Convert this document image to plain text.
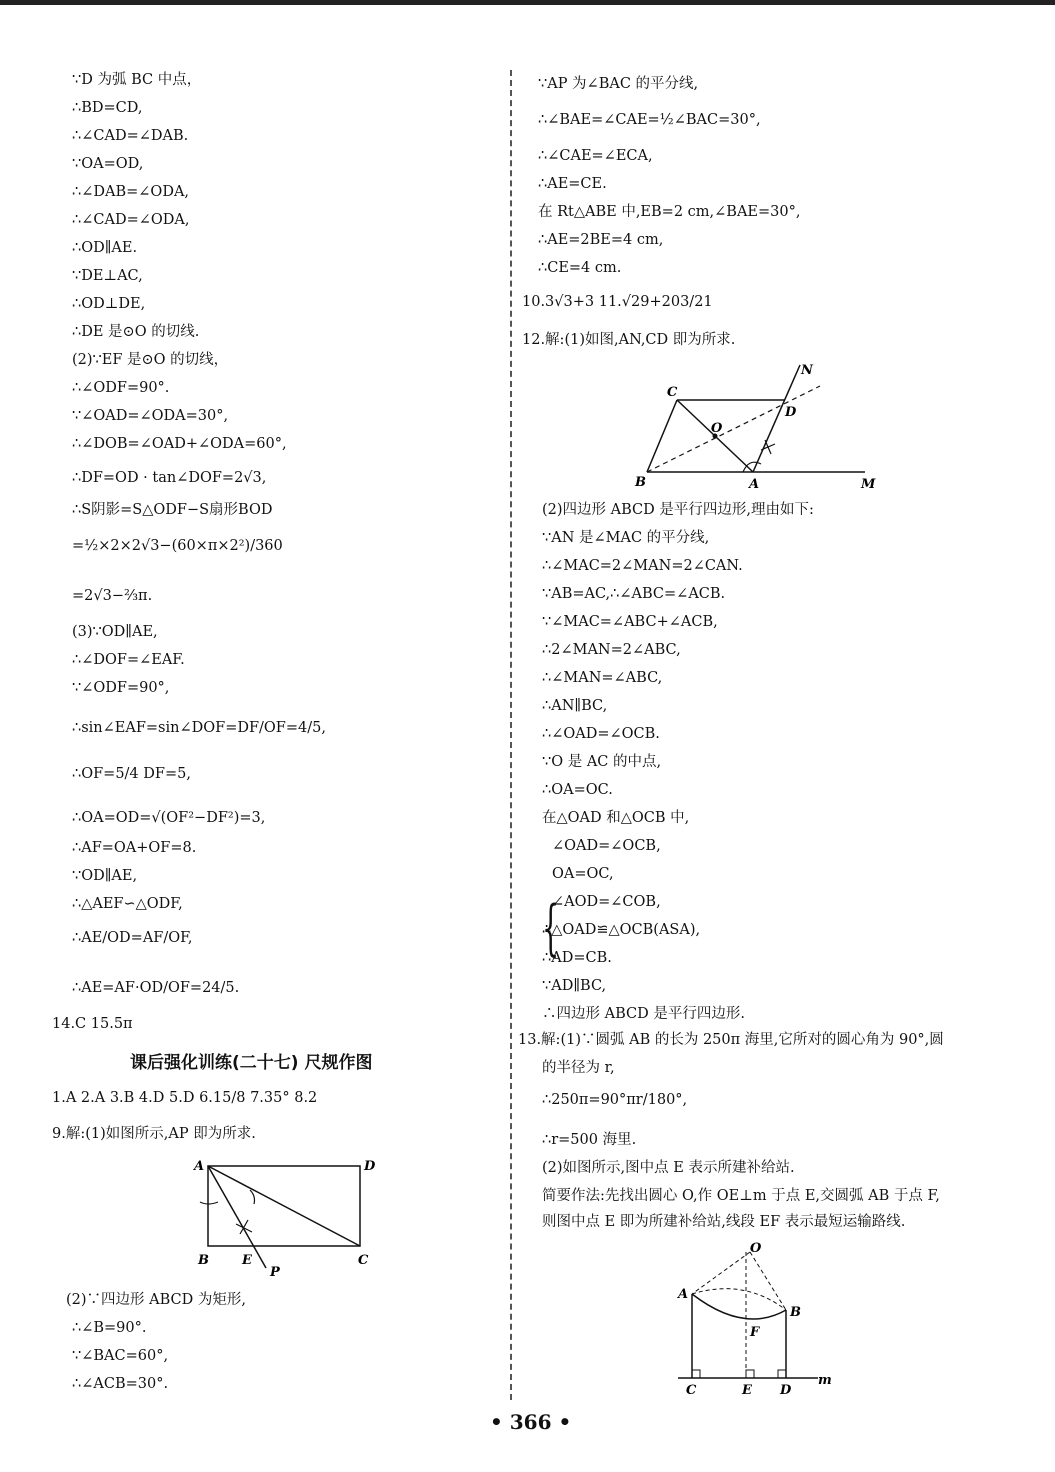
∵D 为弧 BC 中点，
∴BD=CD,
∴∠CAD=∠DAB.
∵OA=OD,
∴∠DAB=∠ODA,
∴∠CAD=∠ODA,
∴OD∥AE.
∵DE⊥AC,
∴OD⊥DE,
∴DE 是⊙O 的切线.
(2)∵EF 是⊙O 的切线，
∴∠ODF=90°.
∵∠OAD=∠ODA=30°,
∴∠DOB=∠OAD+∠ODA=60°,
∴DF=OD · tan∠DOF=2√3,
∴S阴影=S△ODF−S扇形BOD
=½×2×2√3−(60×π×2²)/360
=2√3−⅔π.
(3)∵OD∥AE,
∴∠DOF=∠EAF.
∵∠ODF=90°,
∴sin∠EAF=sin∠DOF=DF/OF=4/5,
∴OF=5/4 DF=5,
∴OA=OD=√(OF²−DF²)=3,
∴AF=OA+OF=8.
∵OD∥AE,
∴△AEF∽△ODF,
∴AE/OD=AF/OF,
∴AE=AF·OD/OF=24/5.
14.C 15.5π
1.A 2.A 3.B 4.D 5.D 6.15/8 7.35° 8.2
9.解:(1)如图所示,AP 即为所求.
(2)∵四边形 ABCD 为矩形,
∴∠B=90°.
∵∠BAC=60°,
∴∠ACB=30°.
课后强化训练(二十七) 尺规作图
A	D
B	E	C
P
∵AP 为∠BAC 的平分线,
∴∠BAE=∠CAE=½∠BAC=30°,
∴∠CAE=∠ECA,
∴AE=CE.
在 Rt△ABE 中,EB=2 cm,∠BAE=30°,
∴AE=2BE=4 cm,
∴CE=4 cm.
10.3√3+3 11.√29+203/21
12.解:(1)如图,AN,CD 即为所求.
(2)四边形 ABCD 是平行四边形,理由如下:
∵AN 是∠MAC 的平分线,
∴∠MAC=2∠MAN=2∠CAN.
∵AB=AC,∴∠ABC=∠ACB.
∵∠MAC=∠ABC+∠ACB,
∴2∠MAN=2∠ABC,
∴∠MAN=∠ABC,
∴AN∥BC,
∴∠OAD=∠OCB.
∵O 是 AC 的中点,
∴OA=OC.
在△OAD 和△OCB 中,
{
∠OAD=∠OCB,
OA=OC,
∠AOD=∠COB,
∴△OAD≌△OCB(ASA),
∴AD=CB.
∵AD∥BC,
∴四边形 ABCD 是平行四边形.
13.解:(1)∵圆弧 AB 的长为 250π 海里,它所对的圆心角为 90°,圆
的半径为 r,
∴250π=90°πr/180°,
∴r=500 海里.
(2)如图所示,图中点 E 表示所建补给站.
简要作法:先找出圆心 O,作 OE⊥m 于点 E,交圆弧 AB 于点 F,
则图中点 E 即为所建补给站,线段 EF 表示最短运输路线.
C
N
D
O
B	A	M
O
A
B
F
C	E D
m
• 366 •
